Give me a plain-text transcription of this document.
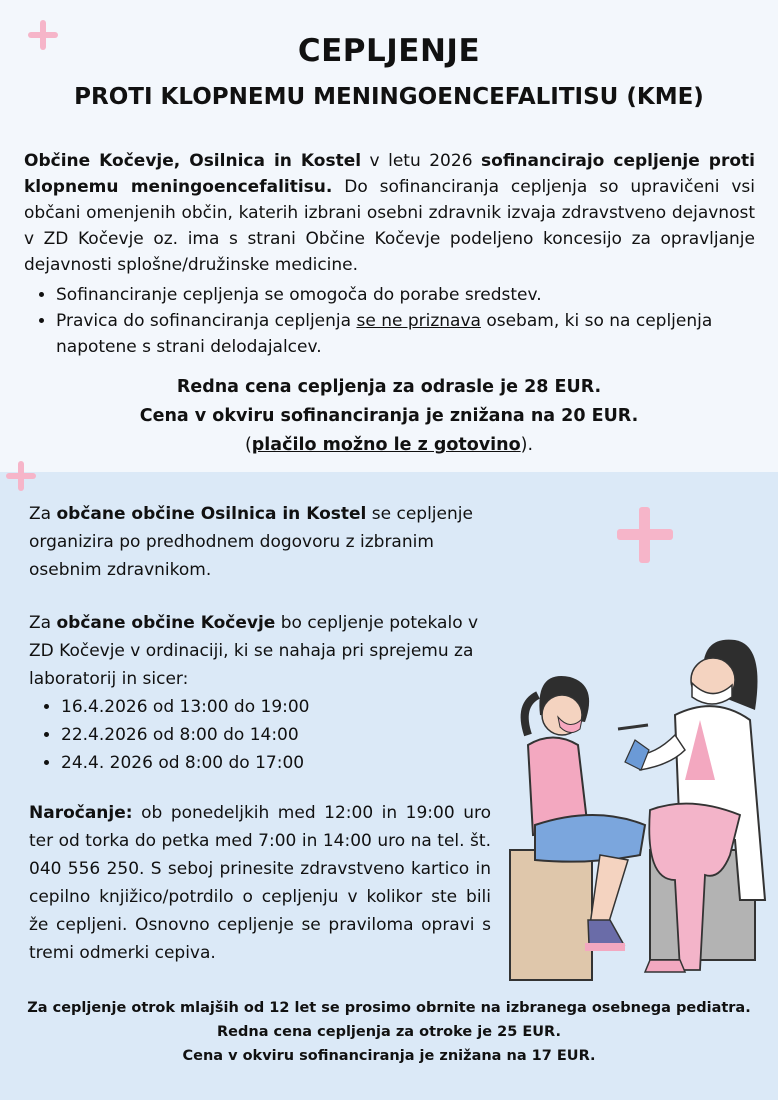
CEPLJENJE
PROTI KLOPNEMU MENINGOENCEFALITISU (KME)
Občine Kočevje, Osilnica in Kostel v letu 2026 sofinancirajo cepljenje proti klopnemu meningoencefalitisu. Do sofinanciranja cepljenja so upravičeni vsi občani omenjenih občin, katerih izbrani osebni zdravnik izvaja zdravstveno dejavnost v ZD Kočevje oz. ima s strani Občine Kočevje podeljeno koncesijo za opravljanje dejavnosti splošne/družinske medicine.
• Sofinanciranje cepljenja se omogoča do porabe sredstev.
• Pravica do sofinanciranja cepljenja se ne priznava osebam, ki so na cepljenja napotene s strani delodajalcev.
Redna cena cepljenja za odrasle je 28 EUR.
Cena v okviru sofinanciranja je znižana na 20 EUR.
(plačilo možno le z gotovino).
Za občane občine Osilnica in Kostel se cepljenje organizira po predhodnem dogovoru z izbranim osebnim zdravnikom.
Za občane občine Kočevje bo cepljenje potekalo v ZD Kočevje v ordinaciji, ki se nahaja pri sprejemu za laboratorij in sicer:
• 16.4.2026 od 13:00 do 19:00
• 22.4.2026 od 8:00 do 14:00
• 24.4. 2026 od 8:00 do 17:00
Naročanje: ob ponedeljkih med 12:00 in 19:00 uro ter od torka do petka med 7:00 in 14:00 uro na tel. št. 040 556 250. S seboj prinesite zdravstveno kartico in cepilno knjižico/potrdilo o cepljenju v kolikor ste bili že cepljeni. Osnovno cepljenje se praviloma opravi s tremi odmerki cepiva.
Za cepljenje otrok mlajših od 12 let se prosimo obrnite na izbranega osebnega pediatra.
Redna cena cepljenja za otroke je 25 EUR.
Cena v okviru sofinanciranja je znižana na 17 EUR.
